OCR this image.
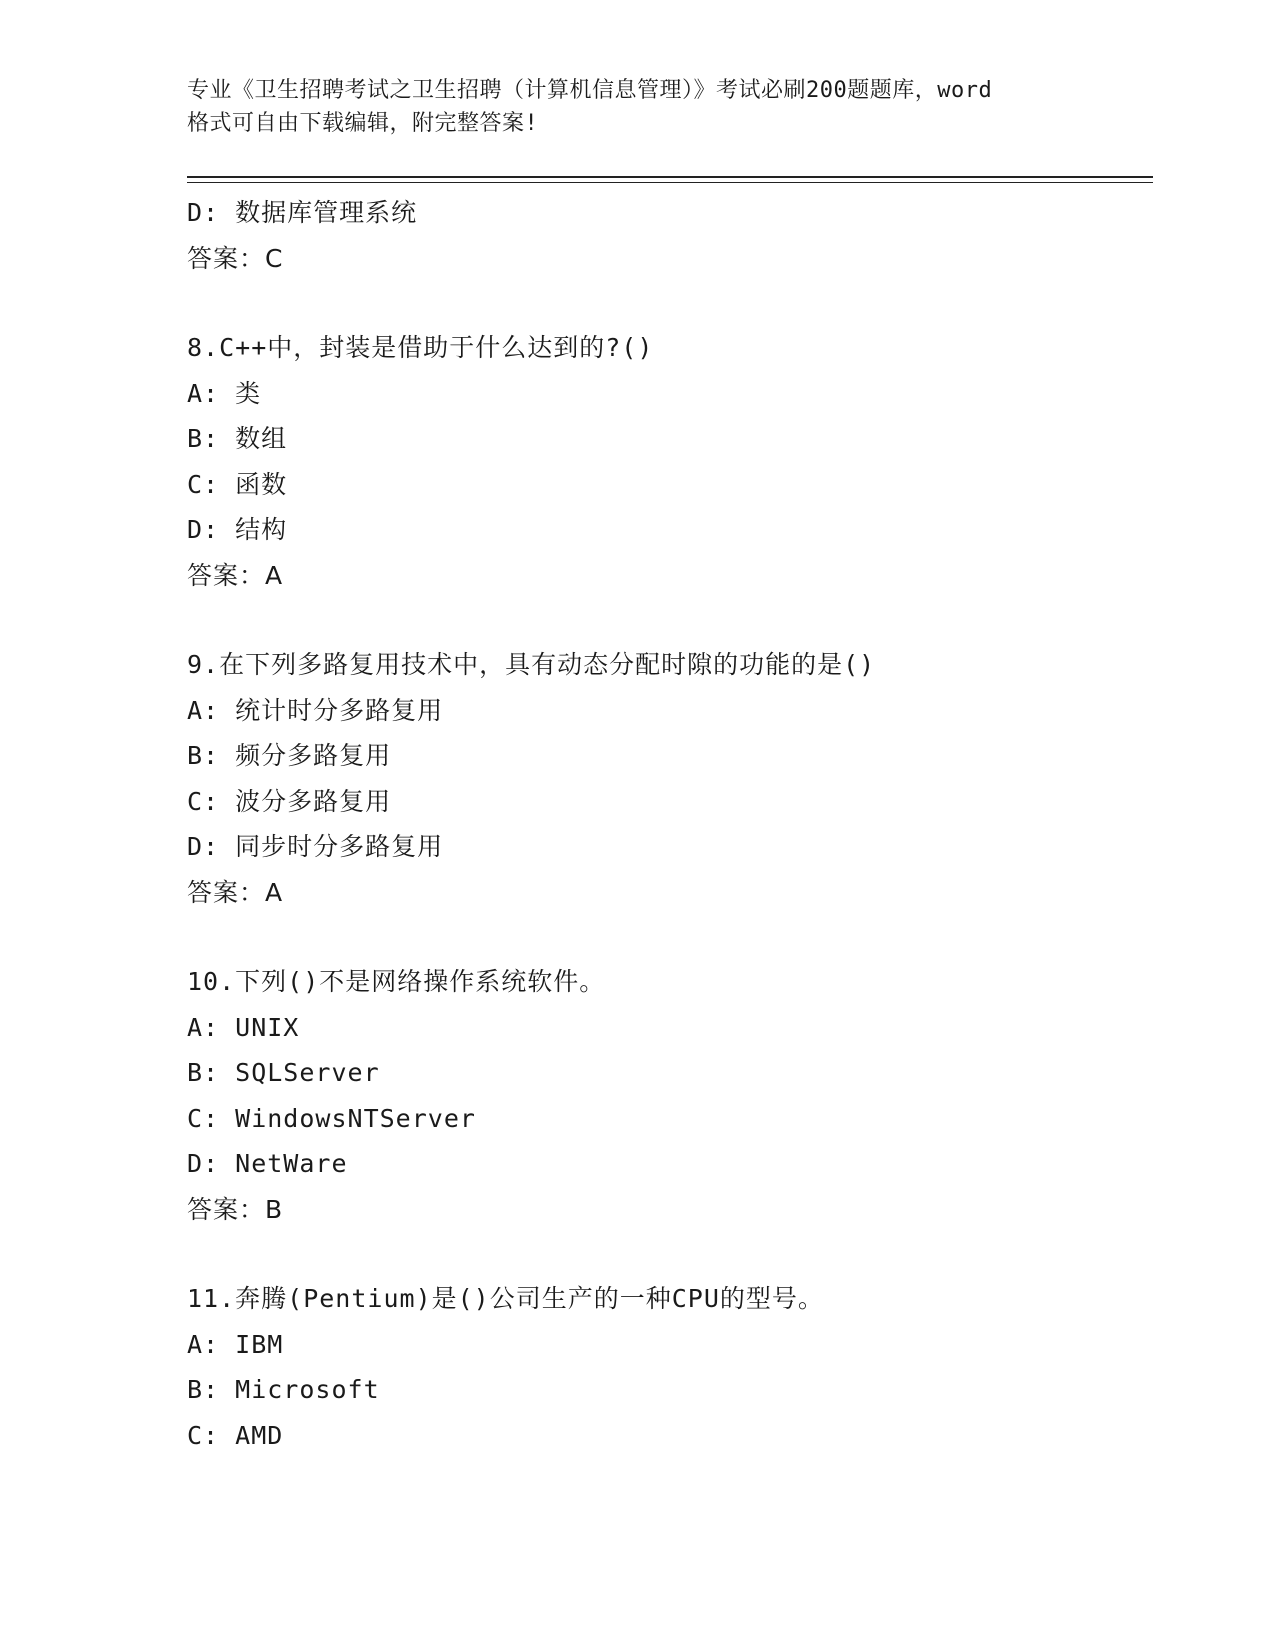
专业《卫生招聘考试之卫生招聘（计算机信息管理）》考试必刷200题题库，word
格式可自由下载编辑，附完整答案!
D: 数据库管理系统
答案：C
8.C++中，封装是借助于什么达到的?()
A: 类
B: 数组
C: 函数
D: 结构
答案：A
9.在下列多路复用技术中，具有动态分配时隙的功能的是()
A: 统计时分多路复用
B: 频分多路复用
C: 波分多路复用
D: 同步时分多路复用
答案：A
10.下列()不是网络操作系统软件。
A: UNIX
B: SQLServer
C: WindowsNTServer
D: NetWare
答案：B
11.奔腾(Pentium)是()公司生产的一种CPU的型号。
A: IBM
B: Microsoft
C: AMD
